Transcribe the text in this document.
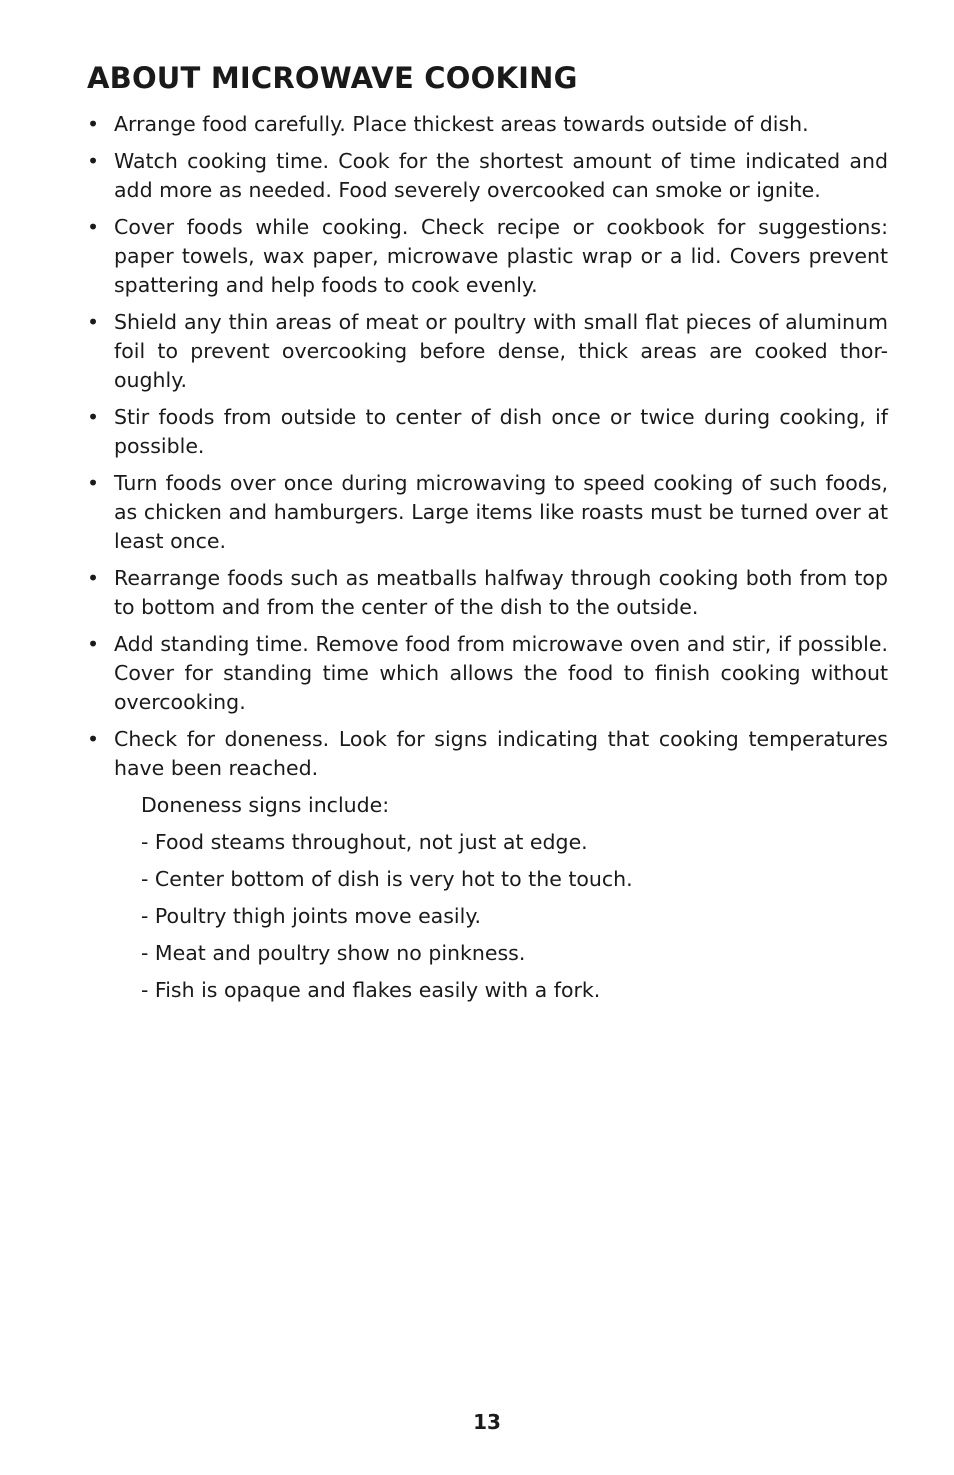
ABOUT MICROWAVE COOKING
• Arrange food carefully. Place thickest areas towards outside of dish.
• Watch cooking time. Cook for the shortest amount of time indicated and add more as needed. Food severely overcooked can smoke or ignite.
• Cover foods while cooking. Check recipe or cookbook for suggestions: paper towels, wax paper, microwave plastic wrap or a lid. Covers prevent spattering and help foods to cook evenly.
• Shield any thin areas of meat or poultry with small flat pieces of aluminum foil to prevent overcooking before dense, thick areas are cooked thor-oughly.
• Stir foods from outside to center of dish once or twice during cooking, if possible.
• Turn foods over once during microwaving to speed cooking of such foods, as chicken and hamburgers. Large items like roasts must be turned over at least once.
• Rearrange foods such as meatballs halfway through cooking both from top to bottom and from the center of the dish to the outside.
• Add standing time. Remove food from microwave oven and stir, if possible. Cover for standing time which allows the food to finish cooking without overcooking.
• Check for doneness. Look for signs indicating that cooking temperatures have been reached.
Doneness signs include:
- Food steams throughout, not just at edge.
- Center bottom of dish is very hot to the touch.
- Poultry thigh joints move easily.
- Meat and poultry show no pinkness.
- Fish is opaque and flakes easily with a fork.
13
